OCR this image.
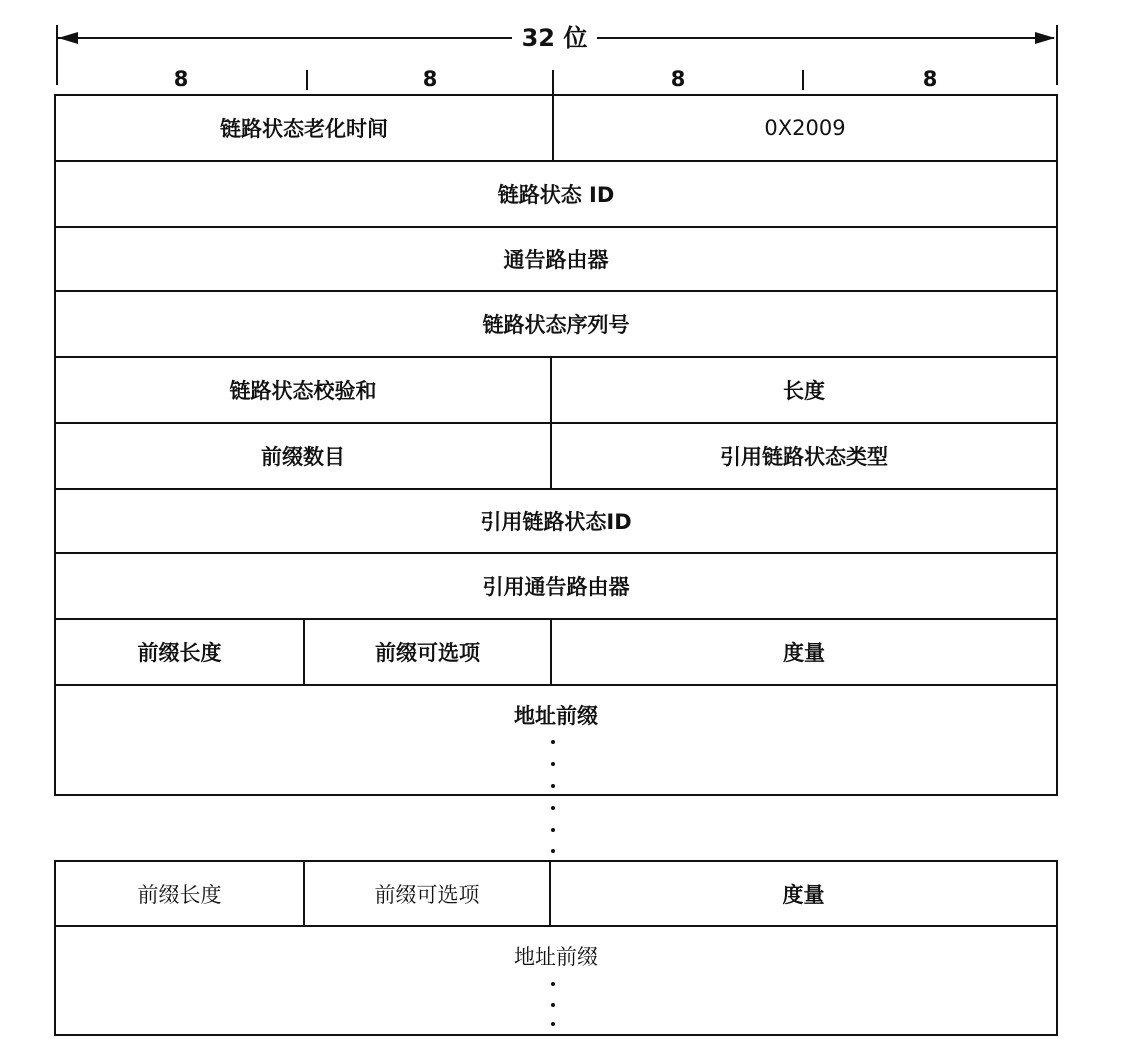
32 位
8	8	8	8
链路状态老化时间	0X2009
链路状态 ID
通告路由器
链路状态序列号
链路状态校验和	长度
前缀数目	引用链路状态类型
引用链路状态ID
引用通告路由器
前缀长度	前缀可选项	度量
地址前缀
前缀长度	前缀可选项	度量
地址前缀
